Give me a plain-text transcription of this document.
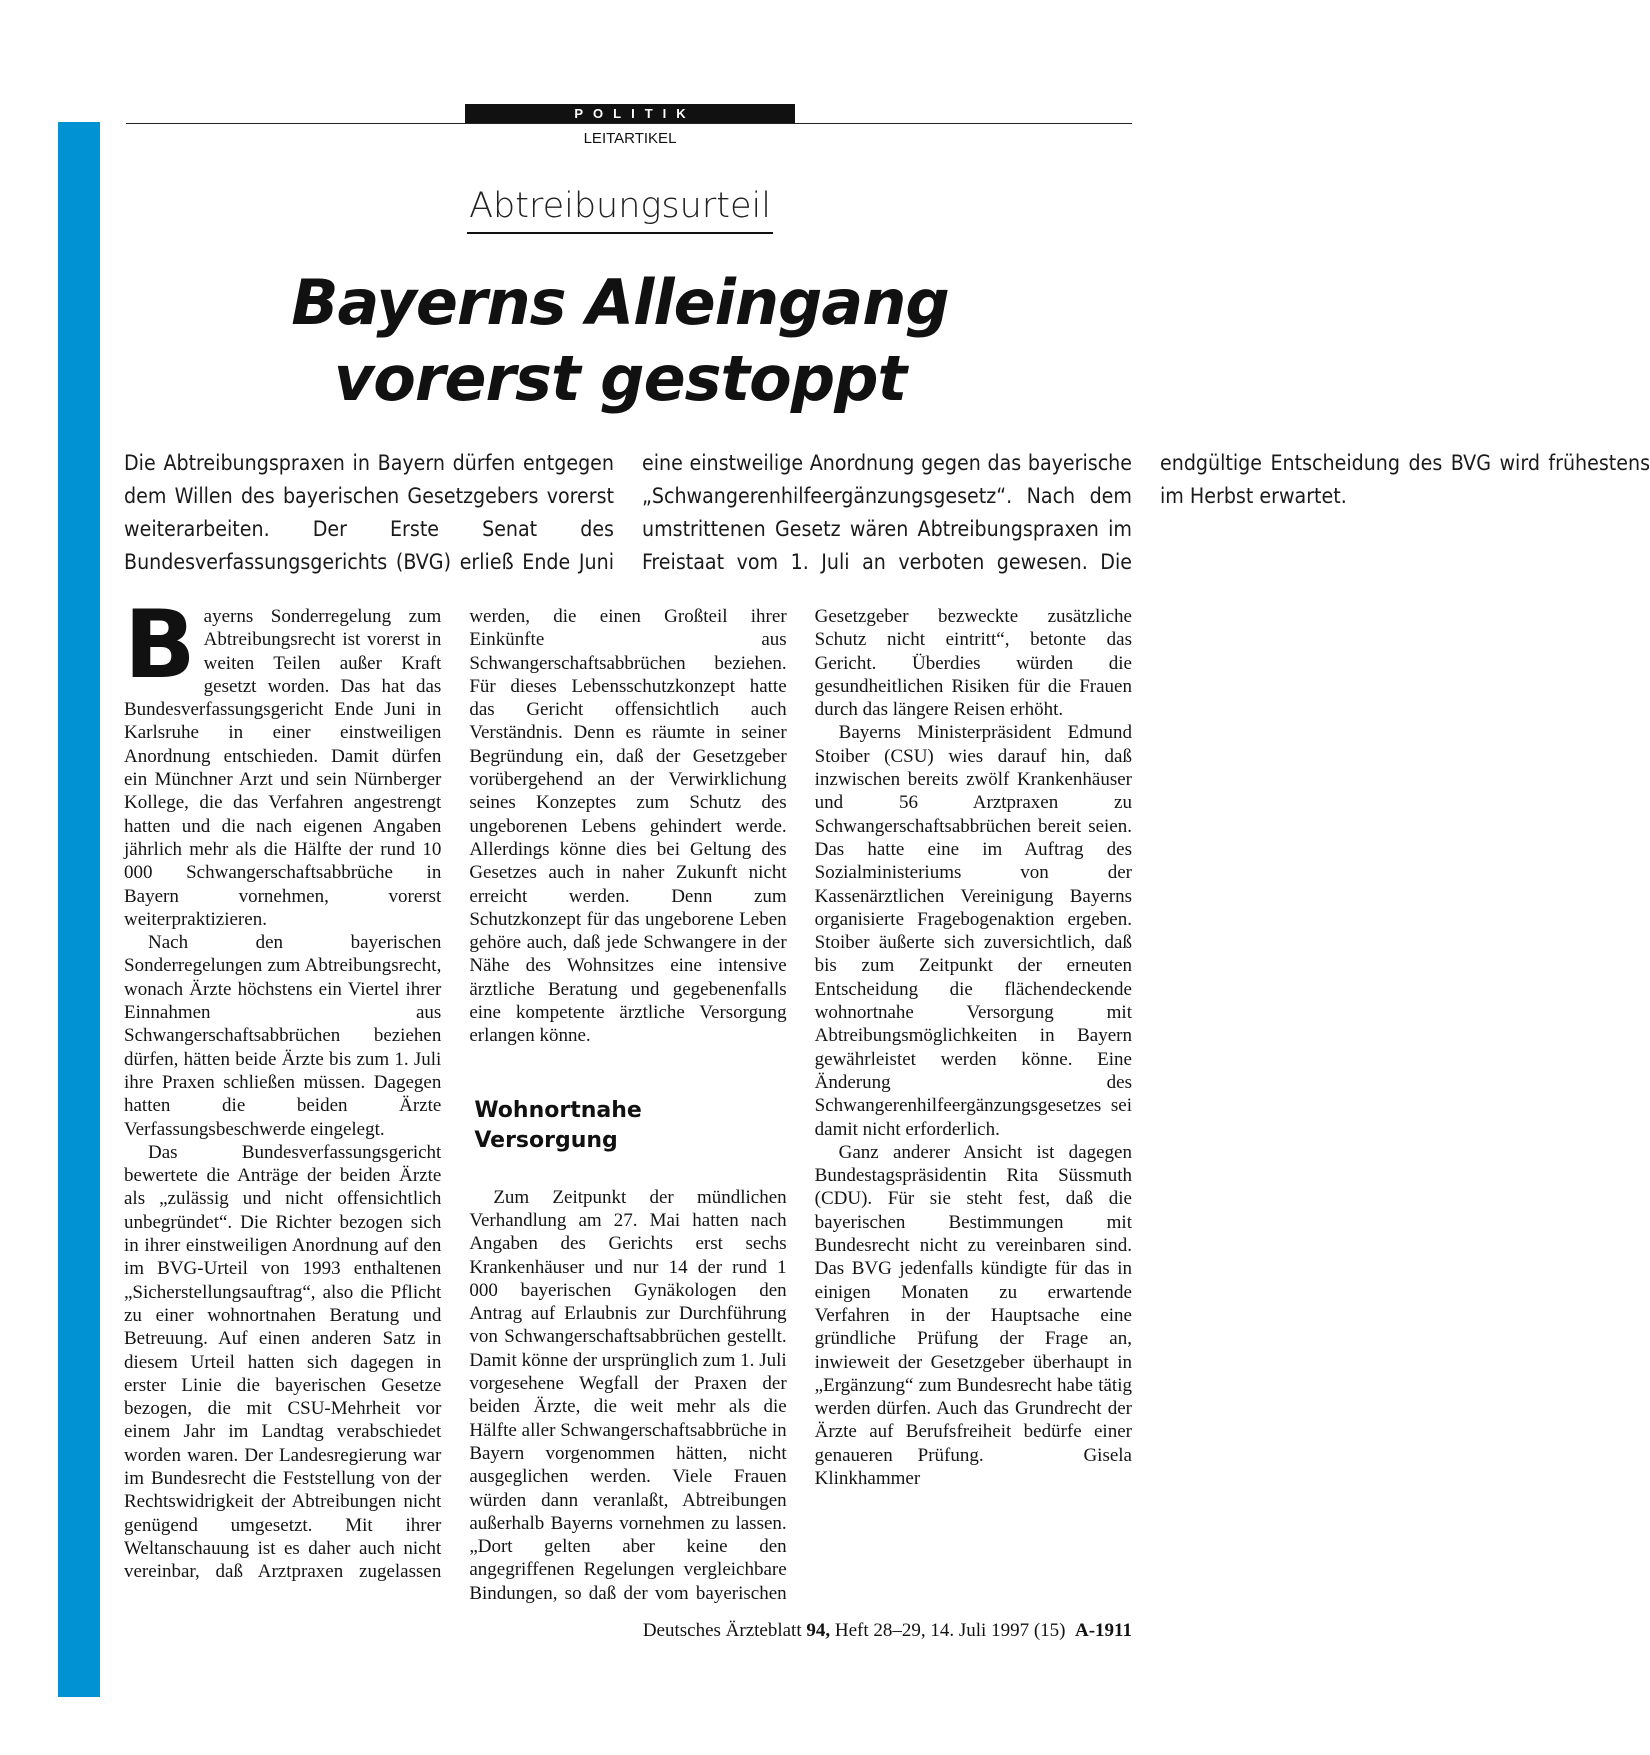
POLITIK
LEITARTIKEL
Abtreibungsurteil
Bayerns Alleingang
vorerst gestoppt

Die Abtreibungspraxen in Bayern dürfen entgegen dem Willen des bayerischen Gesetzgebers vorerst weiterarbeiten. Der Erste Senat des Bundesverfassungsgerichts (BVG) erließ Ende Juni eine einstweilige Anordnung gegen das bayerische „Schwangerenhilfeergänzungsgesetz“. Nach dem umstrittenen Gesetz wären Abtreibungspraxen im Freistaat vom 1. Juli an verboten gewesen. Die endgültige Entscheidung des BVG wird frühestens im Herbst erwartet.

Bayerns Sonderregelung zum Abtreibungsrecht ist vorerst in weiten Teilen außer Kraft gesetzt worden. Das hat das Bundesverfassungsgericht Ende Juni in Karlsruhe in einer einstweiligen Anordnung entschieden. Damit dürfen ein Münchner Arzt und sein Nürnberger Kollege, die das Verfahren angestrengt hatten und die nach eigenen Angaben jährlich mehr als die Hälfte der rund 10 000 Schwangerschaftsabbrüche in Bayern vornehmen, vorerst weiterpraktizieren.

Nach den bayerischen Sonderregelungen zum Abtreibungsrecht, wonach Ärzte höchstens ein Viertel ihrer Einnahmen aus Schwangerschaftsabbrüchen beziehen dürfen, hätten beide Ärzte bis zum 1. Juli ihre Praxen schließen müssen. Dagegen hatten die beiden Ärzte Verfassungsbeschwerde eingelegt.

Das Bundesverfassungsgericht bewertete die Anträge der beiden Ärzte als „zulässig und nicht offensichtlich unbegründet“. Die Richter bezogen sich in ihrer einstweiligen Anordnung auf den im BVG-Urteil von 1993 enthaltenen „Sicherstellungsauftrag“, also die Pflicht zu einer wohnortnahen Beratung und Betreuung. Auf einen anderen Satz in diesem Urteil hatten sich dagegen in erster Linie die bayerischen Gesetze bezogen, die mit CSU-Mehrheit vor einem Jahr im Landtag verabschiedet worden waren. Der Landesregierung war im Bundesrecht die Feststellung von der Rechtswidrigkeit der Abtreibungen nicht genügend umgesetzt. Mit ihrer Weltanschauung ist es daher auch nicht vereinbar, daß Arztpraxen zugelassen werden, die einen Großteil ihrer Einkünfte aus Schwangerschaftsabbrüchen beziehen. Für dieses Lebensschutzkonzept hatte das Gericht offensichtlich auch Verständnis. Denn es räumte in seiner Begründung ein, daß der Gesetzgeber vorübergehend an der Verwirklichung seines Konzeptes zum Schutz des ungeborenen Lebens gehindert werde. Allerdings könne dies bei Geltung des Gesetzes auch in naher Zukunft nicht erreicht werden. Denn zum Schutzkonzept für das ungeborene Leben gehöre auch, daß jede Schwangere in der Nähe des Wohnsitzes eine intensive ärztliche Beratung und gegebenenfalls eine kompetente ärztliche Versorgung erlangen könne.

Wohnortnahe
Versorgung

Zum Zeitpunkt der mündlichen Verhandlung am 27. Mai hatten nach Angaben des Gerichts erst sechs Krankenhäuser und nur 14 der rund 1 000 bayerischen Gynäkologen den Antrag auf Erlaubnis zur Durchführung von Schwangerschaftsabbrüchen gestellt. Damit könne der ursprünglich zum 1. Juli vorgesehene Wegfall der Praxen der beiden Ärzte, die weit mehr als die Hälfte aller Schwangerschaftsabbrüche in Bayern vorgenommen hätten, nicht ausgeglichen werden. Viele Frauen würden dann veranlaßt, Abtreibungen außerhalb Bayerns vornehmen zu lassen. „Dort gelten aber keine den angegriffenen Regelungen vergleichbare Bindungen, so daß der vom bayerischen Gesetzgeber bezweckte zusätzliche Schutz nicht eintritt“, betonte das Gericht. Überdies würden die gesundheitlichen Risiken für die Frauen durch das längere Reisen erhöht.

Bayerns Ministerpräsident Edmund Stoiber (CSU) wies darauf hin, daß inzwischen bereits zwölf Krankenhäuser und 56 Arztpraxen zu Schwangerschaftsabbrüchen bereit seien. Das hatte eine im Auftrag des Sozialministeriums von der Kassenärztlichen Vereinigung Bayerns organisierte Fragebogenaktion ergeben. Stoiber äußerte sich zuversichtlich, daß bis zum Zeitpunkt der erneuten Entscheidung die flächendeckende wohnortnahe Versorgung mit Abtreibungsmöglichkeiten in Bayern gewährleistet werden könne. Eine Änderung des Schwangerenhilfeergänzungsgesetzes sei damit nicht erforderlich.

Ganz anderer Ansicht ist dagegen Bundestagspräsidentin Rita Süssmuth (CDU). Für sie steht fest, daß die bayerischen Bestimmungen mit Bundesrecht nicht zu vereinbaren sind. Das BVG jedenfalls kündigte für das in einigen Monaten zu erwartende Verfahren in der Hauptsache eine gründliche Prüfung der Frage an, inwieweit der Gesetzgeber überhaupt in „Ergänzung“ zum Bundesrecht habe tätig werden dürfen. Auch das Grundrecht der Ärzte auf Berufsfreiheit bedürfe einer genaueren Prüfung.	Gisela Klinkhammer

Deutsches Ärzteblatt 94, Heft 28–29, 14. Juli 1997 (15) A-1911
